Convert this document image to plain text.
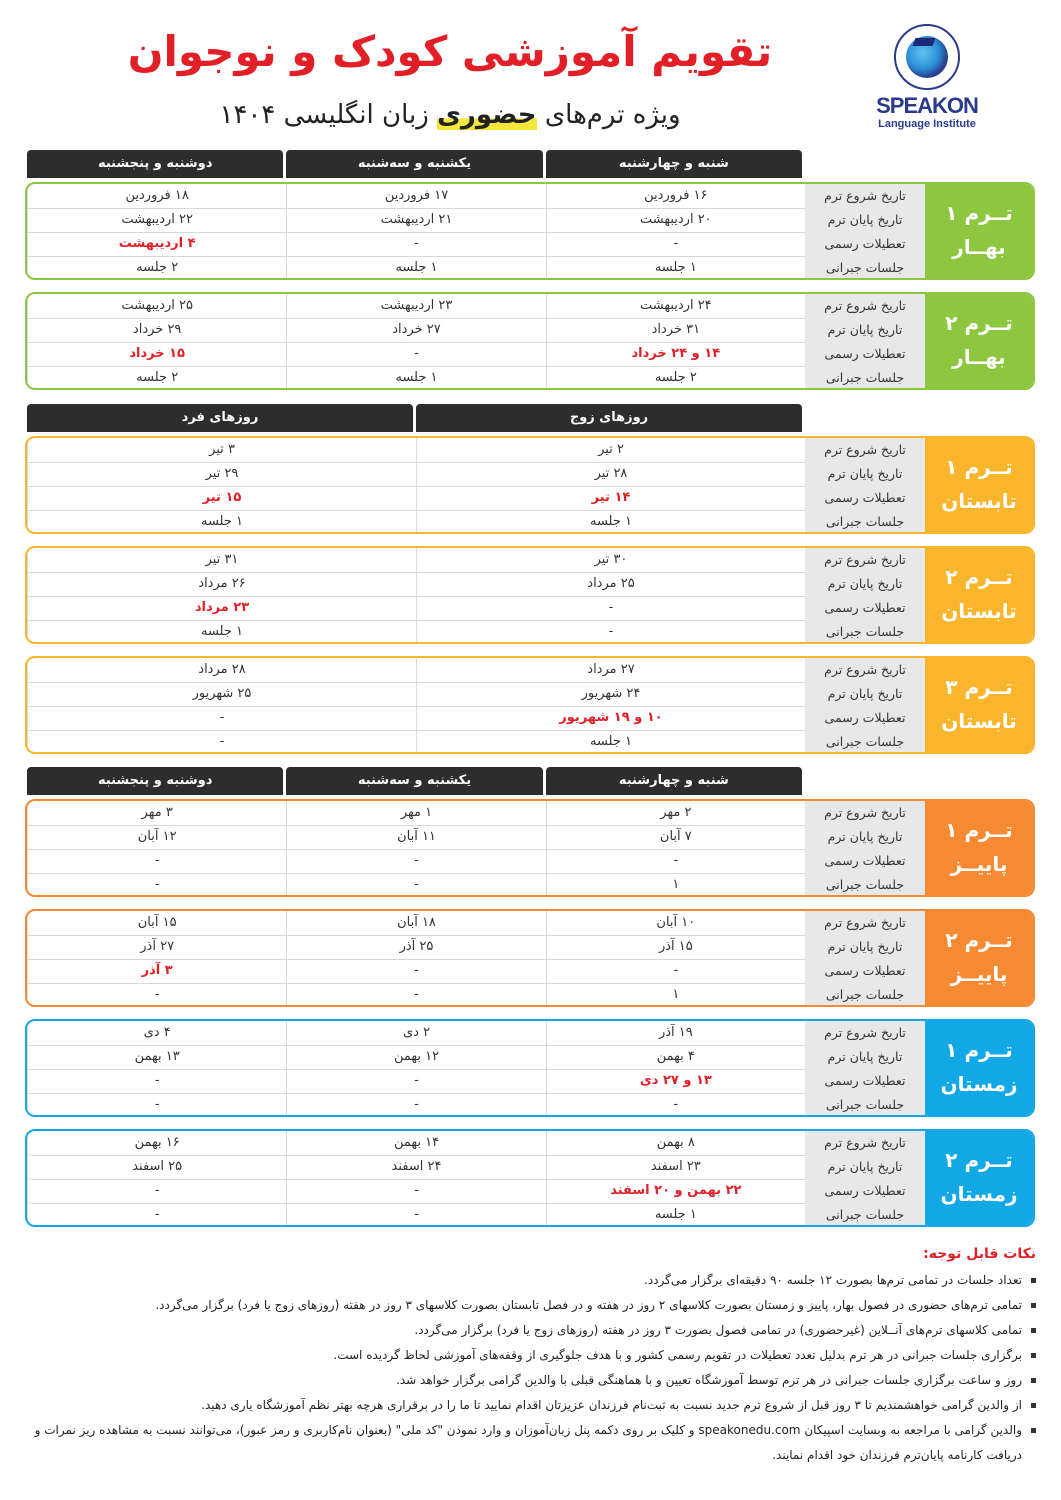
تقویم آموزشی کودک و نوجوان
ویژه ترم‌های حضوری زبان انگلیسی ۱۴۰۴	SPEAKON
Language Institute
شنبه و چهارشنبه
یکشنبه و سه‌شنبه
دوشنبه و پنجشنبه
تــرم ۱
بهــار
تاریخ شروع ترم
۱۶ فروردین
۱۷ فروردین
۱۸ فروردین
تاریخ پایان ترم
۲۰ اردیبهشت
۲۱ اردیبهشت
۲۲ اردیبهشت
تعطیلات رسمی
-
-
۴ اردیبهشت
جلسات جبرانی
۱ جلسه
۱ جلسه
۲ جلسه
تــرم ۲
بهــار
تاریخ شروع ترم
۲۴ اردیبهشت
۲۳ اردیبهشت
۲۵ اردیبهشت
تاریخ پایان ترم
۳۱ خرداد
۲۷ خرداد
۲۹ خرداد
تعطیلات رسمی
۱۴ و ۲۴ خرداد
-
۱۵ خرداد
جلسات جبرانی
۲ جلسه
۱ جلسه
۲ جلسه
روزهای زوج
روزهای فرد
تــرم ۱
تابستان
تاریخ شروع ترم
۲ تیر
۳ تیر
تاریخ پایان ترم
۲۸ تیر
۲۹ تیر
تعطیلات رسمی
۱۴ تیر
۱۵ تیر
جلسات جبرانی
۱ جلسه
۱ جلسه
تــرم ۲
تابستان
تاریخ شروع ترم
۳۰ تیر
۳۱ تیر
تاریخ پایان ترم
۲۵ مرداد
۲۶ مرداد
تعطیلات رسمی
-
۲۳ مرداد
جلسات جبرانی
-
۱ جلسه
تــرم ۳
تابستان
تاریخ شروع ترم
۲۷ مرداد
۲۸ مرداد
تاریخ پایان ترم
۲۴ شهریور
۲۵ شهریور
تعطیلات رسمی
۱۰ و ۱۹ شهریور
-
جلسات جبرانی
۱ جلسه
-
شنبه و چهارشنبه
یکشنبه و سه‌شنبه
دوشنبه و پنجشنبه
تــرم ۱
پاییــز
تاریخ شروع ترم
۲ مهر
۱ مهر
۳ مهر
تاریخ پایان ترم
۷ آبان
۱۱ آبان
۱۲ آبان
تعطیلات رسمی
-
-
-
جلسات جبرانی
۱
-
-
تــرم ۲
پاییــز
تاریخ شروع ترم
۱۰ آبان
۱۸ آبان
۱۵ آبان
تاریخ پایان ترم
۱۵ آذر
۲۵ آذر
۲۷ آذر
تعطیلات رسمی
-
-
۳ آذر
جلسات جبرانی
۱
-
-
تــرم ۱
زمستان
تاریخ شروع ترم
۱۹ آذر
۲ دی
۴ دی
تاریخ پایان ترم
۴ بهمن
۱۲ بهمن
۱۳ بهمن
تعطیلات رسمی
۱۳ و ۲۷ دی
-
-
جلسات جبرانی
-
-
-
تــرم ۲
زمستان
تاریخ شروع ترم
۸ بهمن
۱۴ بهمن
۱۶ بهمن
تاریخ پایان ترم
۲۳ اسفند
۲۴ اسفند
۲۵ اسفند
تعطیلات رسمی
۲۲ بهمن و ۲۰ اسفند
-
-
جلسات جبرانی
۱ جلسه
-
-
نکات قابل توجه:
تعداد جلسات در تمامی ترم‌ها بصورت ۱۲ جلسه ۹۰ دقیقه‌ای برگزار می‌گردد.
تمامی ترم‌های حضوری در فصول بهار، پاییز و زمستان بصورت کلاسهای ۲ روز در هفته و در فصل تابستان بصورت کلاسهای ۳ روز در هفته (روزهای زوج یا فرد) برگزار می‌گردد.
تمامی کلاسهای ترم‌های آنــلاین (غیرحضوری) در تمامی فصول بصورت ۳ روز در هفته (روزهای زوج یا فرد) برگزار می‌گردد.
برگزاری جلسات جبرانی در هر ترم بدلیل تعدد تعطیلات در تقویم رسمی کشور و با هدف جلوگیری از وقفه‌های آموزشی لحاظ گردیده است.
روز و ساعت برگزاری جلسات جبرانی در هر ترم توسط آموزشگاه تعیین و با هماهنگی قبلی با والدین گرامی برگزار خواهد شد.
از والدین گرامی خواهشمندیم تا ۳ روز قبل از شروع ترم جدید نسبت به ثبت‌نام فرزندان عزیزتان اقدام نمایید تا ما را در برقراری هرچه بهتر نظم آموزشگاه یاری دهید.
والدین گرامی با مراجعه به وبسایت اسپیکان speakonedu.com و کلیک بر روی دکمه پنل زبان‌آموزان و وارد نمودن "کد ملی" (بعنوان نام‌کاربری و رمز عبور)، می‌توانند نسبت به مشاهده ریز نمرات و دریافت کارنامه پایان‌ترم فرزندان خود اقدام نمایند.
